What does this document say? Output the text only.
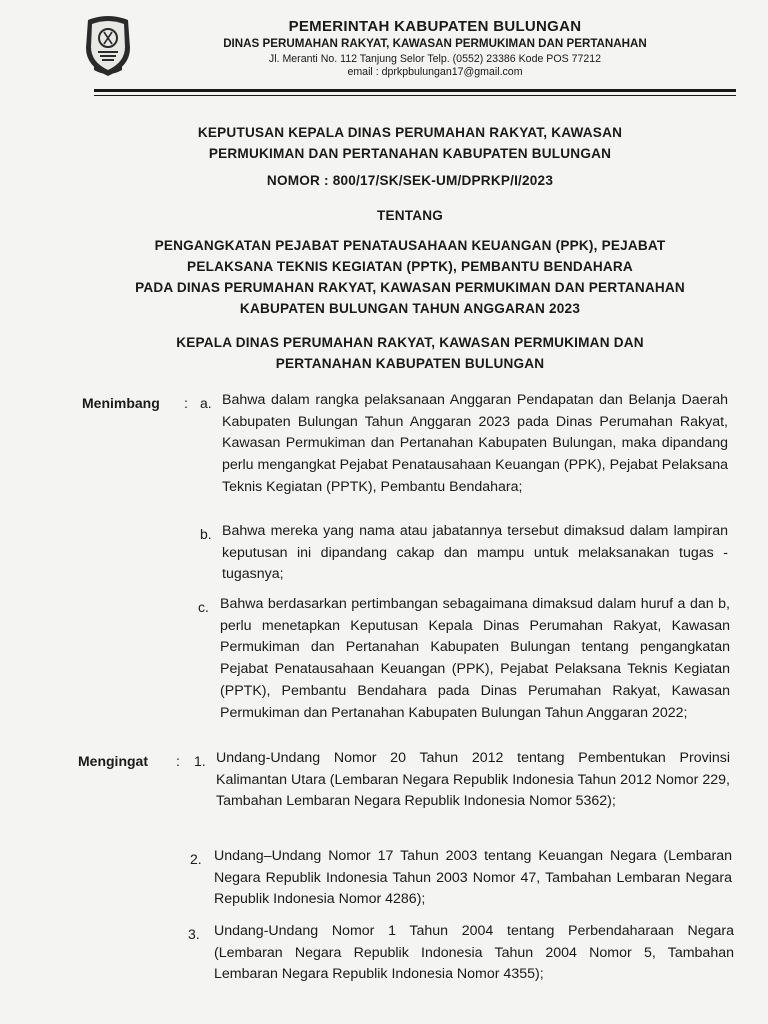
PEMERINTAH KABUPATEN BULUNGAN
DINAS PERUMAHAN RAKYAT, KAWASAN PERMUKIMAN DAN PERTANAHAN
Jl. Meranti No. 112 Tanjung Selor Telp. (0552) 23386 Kode POS 77212
email : dprkpbulungan17@gmail.com
KEPUTUSAN KEPALA DINAS PERUMAHAN RAKYAT, KAWASAN
PERMUKIMAN DAN PERTANAHAN KABUPATEN BULUNGAN
NOMOR : 800/17/SK/SEK-UM/DPRKP/I/2023
TENTANG
PENGANGKATAN PEJABAT PENATAUSAHAAN KEUANGAN (PPK), PEJABAT
PELAKSANA TEKNIS KEGIATAN (PPTK), PEMBANTU BENDAHARA
PADA DINAS PERUMAHAN RAKYAT, KAWASAN PERMUKIMAN DAN PERTANAHAN
KABUPATEN BULUNGAN TAHUN ANGGARAN 2023
KEPALA DINAS PERUMAHAN RAKYAT, KAWASAN PERMUKIMAN DAN
PERTANAHAN KABUPATEN BULUNGAN
Menimbang : a. Bahwa dalam rangka pelaksanaan Anggaran Pendapatan dan Belanja Daerah Kabupaten Bulungan Tahun Anggaran 2023 pada Dinas Perumahan Rakyat, Kawasan Permukiman dan Pertanahan Kabupaten Bulungan, maka dipandang perlu mengangkat Pejabat Penatausahaan Keuangan (PPK), Pejabat Pelaksana Teknis Kegiatan (PPTK), Pembantu Bendahara;
b. Bahwa mereka yang nama atau jabatannya tersebut dimaksud dalam lampiran keputusan ini dipandang cakap dan mampu untuk melaksanakan tugas - tugasnya;
c. Bahwa berdasarkan pertimbangan sebagaimana dimaksud dalam huruf a dan b, perlu menetapkan Keputusan Kepala Dinas Perumahan Rakyat, Kawasan Permukiman dan Pertanahan Kabupaten Bulungan tentang pengangkatan Pejabat Penatausahaan Keuangan (PPK), Pejabat Pelaksana Teknis Kegiatan (PPTK), Pembantu Bendahara pada Dinas Perumahan Rakyat, Kawasan Permukiman dan Pertanahan Kabupaten Bulungan Tahun Anggaran 2022;
Mengingat : 1. Undang-Undang Nomor 20 Tahun 2012 tentang Pembentukan Provinsi Kalimantan Utara (Lembaran Negara Republik Indonesia Tahun 2012 Nomor 229, Tambahan Lembaran Negara Republik Indonesia Nomor 5362);
2. Undang–Undang Nomor 17 Tahun 2003 tentang Keuangan Negara (Lembaran Negara Republik Indonesia Tahun 2003 Nomor 47, Tambahan Lembaran Negara Republik Indonesia Nomor 4286);
3. Undang-Undang Nomor 1 Tahun 2004 tentang Perbendaharaan Negara (Lembaran Negara Republik Indonesia Tahun 2004 Nomor 5, Tambahan Lembaran Negara Republik Indonesia Nomor 4355);
